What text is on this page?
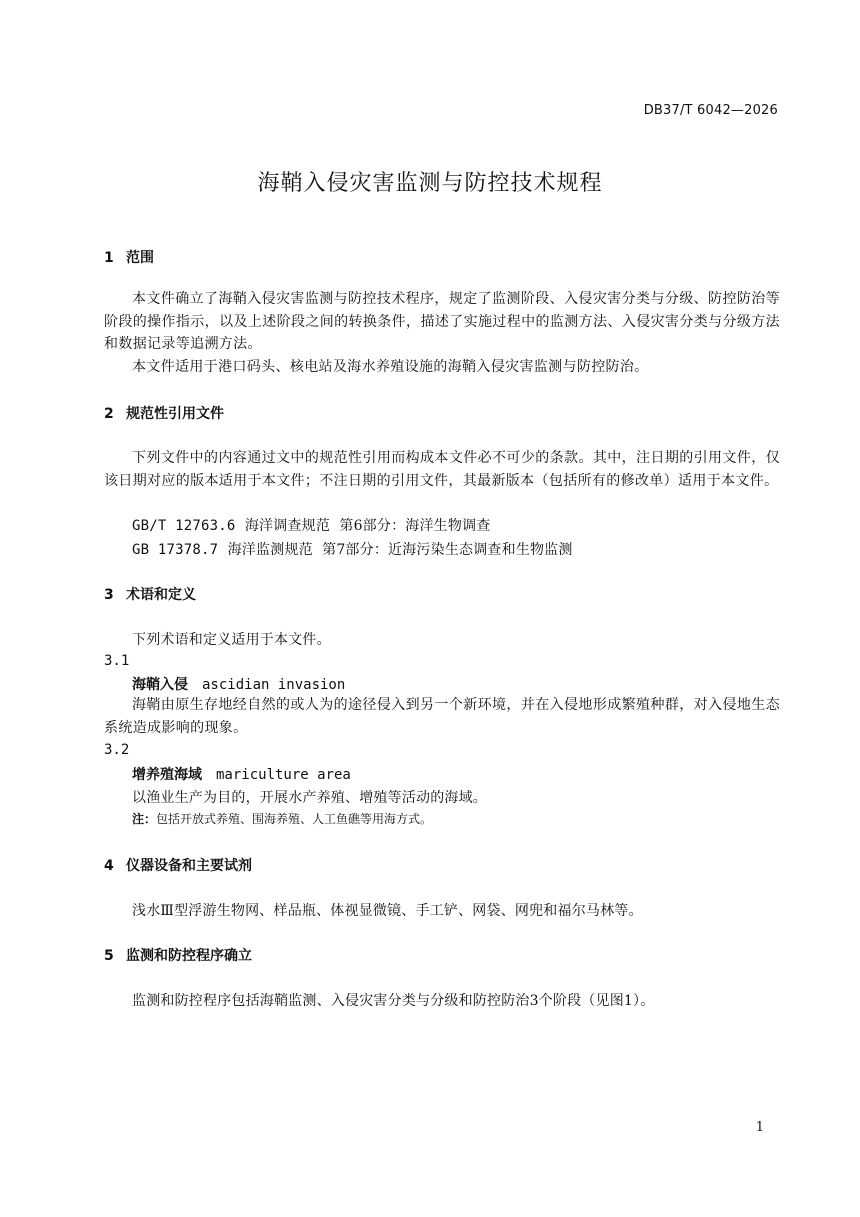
DB37/T 6042—2026
海鞘入侵灾害监测与防控技术规程
1 范围

本文件确立了海鞘入侵灾害监测与防控技术程序，规定了监测阶段、入侵灾害分类与分级、防控防治等阶段的操作指示，以及上述阶段之间的转换条件，描述了实施过程中的监测方法、入侵灾害分类与分级方法和数据记录等追溯方法。

本文件适用于港口码头、核电站及海水养殖设施的海鞘入侵灾害监测与防控防治。

2 规范性引用文件

下列文件中的内容通过文中的规范性引用而构成本文件必不可少的条款。其中，注日期的引用文件，仅该日期对应的版本适用于本文件；不注日期的引用文件，其最新版本（包括所有的修改单）适用于本文件。

GB/T 12763.6 海洋调查规范 第6部分：海洋生物调查
GB 17378.7 海洋监测规范 第7部分：近海污染生态调查和生物监测
3 术语和定义
下列术语和定义适用于本文件。
3.1
海鞘入侵 ascidian invasion

海鞘由原生存地经自然的或人为的途径侵入到另一个新环境，并在入侵地形成繁殖种群，对入侵地生态系统造成影响的现象。

3.2
增养殖海域 mariculture area
以渔业生产为目的，开展水产养殖、增殖等活动的海域。
注：包括开放式养殖、围海养殖、人工鱼礁等用海方式。
4 仪器设备和主要试剂
浅水Ⅲ型浮游生物网、样品瓶、体视显微镜、手工铲、网袋、网兜和福尔马林等。
5 监测和防控程序确立
监测和防控程序包括海鞘监测、入侵灾害分类与分级和防控防治3个阶段（见图1）。
1
